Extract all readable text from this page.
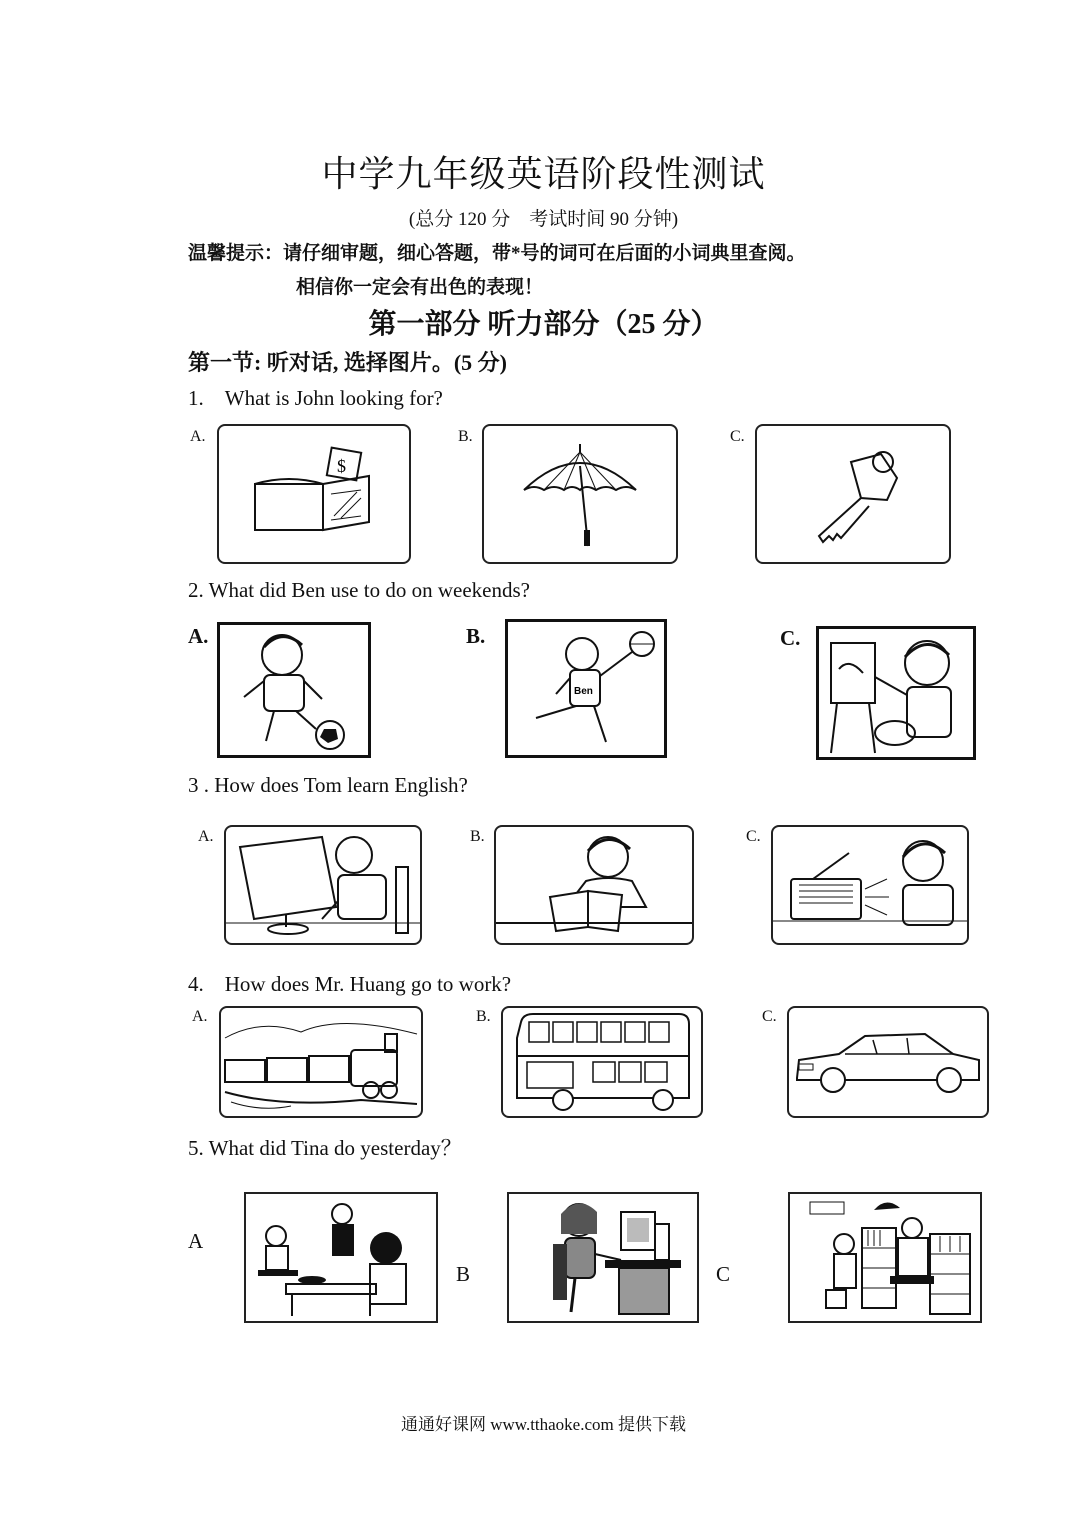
中学九年级英语阶段性测试
(总分 120 分　考试时间 90 分钟)
温馨提示：请仔细审题，细心答题，带*号的词可在后面的小词典里查阅。
相信你一定会有出色的表现！
第一部分 听力部分（25 分）
第一节: 听对话, 选择图片。(5 分)
1.　What is John looking for?
A.	B.	C.
$
2. What did Ben use to do on weekends?
A.	B.	C.
Ben
3 . How does Tom learn English?
A.	B.	C.
4.　How does Mr. Huang go to work?
A.	B.	C.
5. What did Tina do yesterday？
A
B	C
通通好课网 www.tthaoke.com 提供下载
